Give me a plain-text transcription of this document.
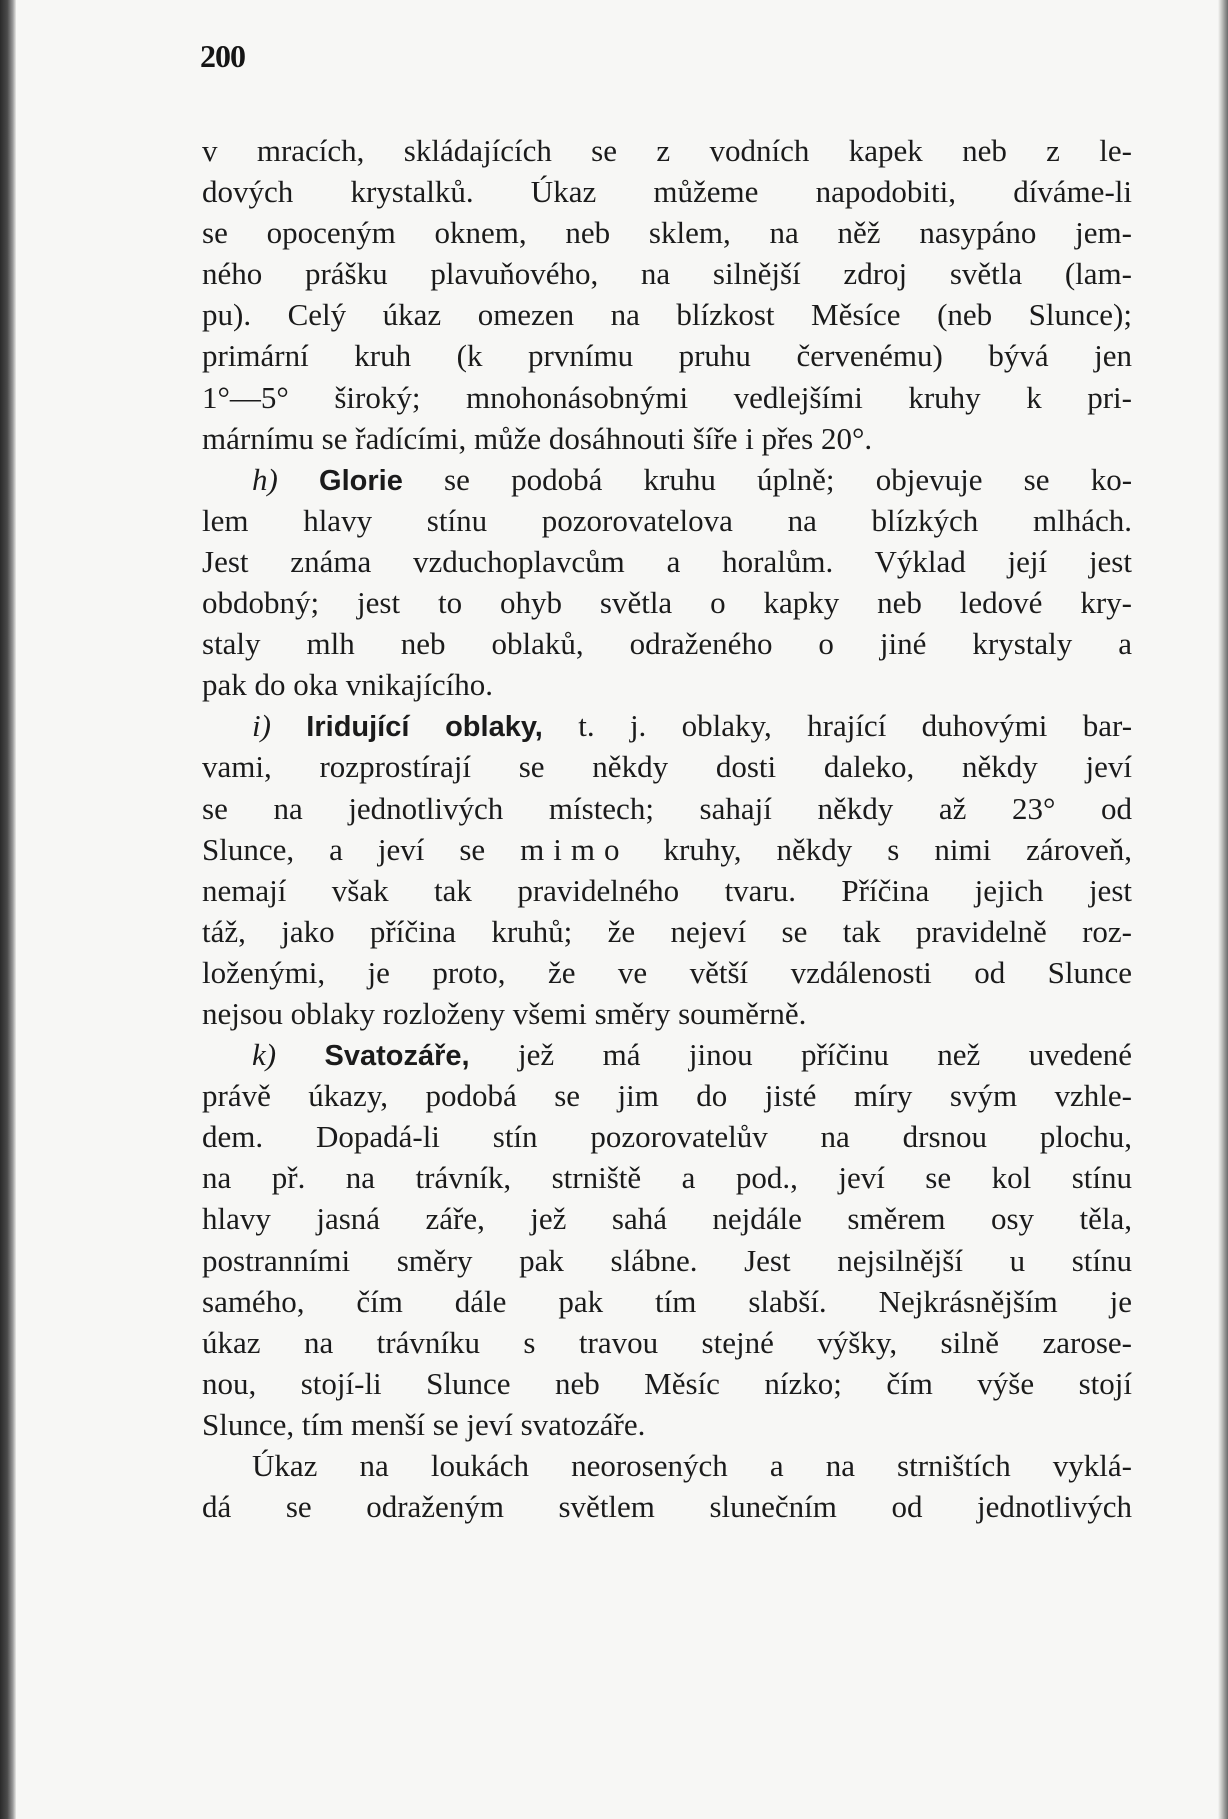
200
v mracích, skládajících se z vodních kapek neb z le-
dových krystalků. Úkaz můžeme napodobiti, díváme-li
se opoceným oknem, neb sklem, na něž nasypáno jem-
ného prášku plavuňového, na silnější zdroj světla (lam-
pu). Celý úkaz omezen na blízkost Měsíce (neb Slunce);
primární kruh (k prvnímu pruhu červenému) bývá jen
1°—5° široký; mnohonásobnými vedlejšími kruhy k pri-
márnímu se řadícími, může dosáhnouti šíře i přes 20°.
h) Glorie se podobá kruhu úplně; objevuje se ko-
lem hlavy stínu pozorovatelova na blízkých mlhách.
Jest známa vzduchoplavcům a horalům. Výklad její jest
obdobný; jest to ohyb světla o kapky neb ledové kry-
staly mlh neb oblaků, odraženého o jiné krystaly a
pak do oka vnikajícího.
i) Iridující oblaky, t. j. oblaky, hrající duhovými bar-
vami, rozprostírají se někdy dosti daleko, někdy jeví
se na jednotlivých místech; sahají někdy až 23° od
Slunce, a jeví se mimo kruhy, někdy s nimi zároveň,
nemají však tak pravidelného tvaru. Příčina jejich jest
táž, jako příčina kruhů; že nejeví se tak pravidelně roz-
loženými, je proto, že ve větší vzdálenosti od Slunce
nejsou oblaky rozloženy všemi směry souměrně.
k) Svatozáře, jež má jinou příčinu než uvedené
právě úkazy, podobá se jim do jisté míry svým vzhle-
dem. Dopadá-li stín pozorovatelův na drsnou plochu,
na př. na trávník, strniště a pod., jeví se kol stínu
hlavy jasná záře, jež sahá nejdále směrem osy těla,
postranními směry pak slábne. Jest nejsilnější u stínu
samého, čím dále pak tím slabší. Nejkrásnějším je
úkaz na trávníku s travou stejné výšky, silně zarose-
nou, stojí-li Slunce neb Měsíc nízko; čím výše stojí
Slunce, tím menší se jeví svatozáře.
Úkaz na loukách neorosených a na strništích vyklá-
dá se odraženým světlem slunečním od jednotlivých
